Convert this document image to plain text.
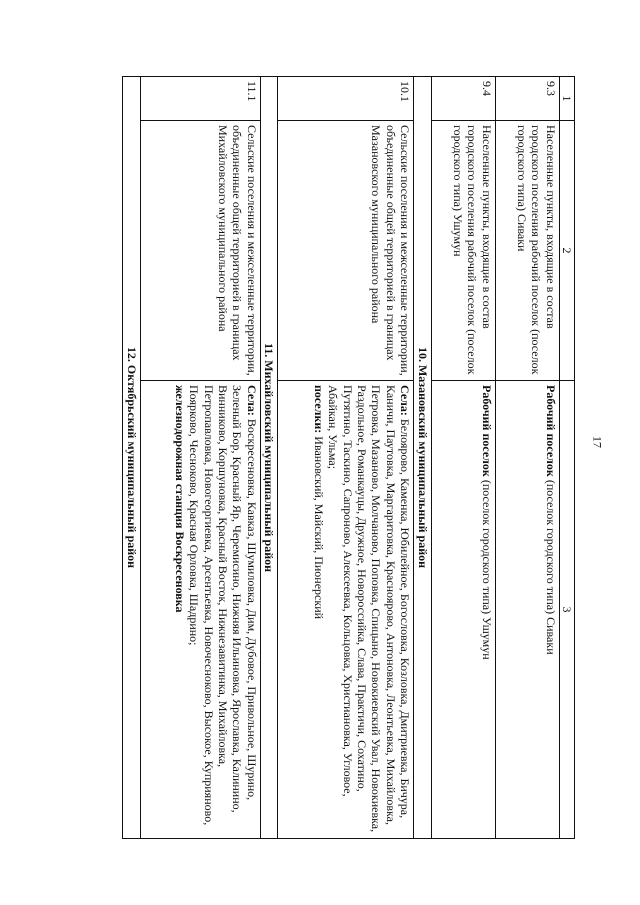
17
1	2	3
9.3	Населенные пункты, входящие в состав городского поселения рабочий поселок (поселок городского типа) Сиваки	Рабочий поселок (поселок городского типа) Сиваки
9.4	Населенные пункты, входящие в состав городского поселения рабочий поселок (поселок городского типа) Ушумун	Рабочий поселок (поселок городского типа) Ушумун
10. Мазановский муниципальный район		
10.1	Сельские поселения и межселенные территории, объединенные общей территорией в границах Мазановского муниципального района	Села: Белоярово, Каменка, Юбилейное, Богословка, Козловка, Дмитриевка, Бичура, Каничи, Паутовка, Маргаритовка, Красноярово, Антоновка, Леонтьевка, Михайловка, Петровка, Мазаново, Молчаново, Поповка, Спицыно, Новокиевский Увал, Новокиевка, Раздольное, Романкауцы, Дружное, Новороссийка, Слава, Практичи, Сохатино, Путятино, Таскино, Сапроново, Алексеевка, Кольцовка, Христиановка, Угловое, Абайкан, Ульма;
поселки: Ивановский, Майский, Пионерский
11. Михайловский муниципальный район		
11.1	Сельские поселения и межселенные территории, объединенные общей территорией в границах Михайловского муниципального района	Села: Воскресеновка, Кавказ, Шумиловка, Дим, Дубовое, Привольное, Шурино, Зеленый Бор, Красный Яр, Черемисино, Нижняя Ильиновка, Ярославка, Калинино, Винниково, Коршуновка, Красный Восток, Нижнезавитинка, Михайловка, Петропавловка, Новогеоргиевка, Арсентьевка, Новочесноково, Высокое, Куприяново, Поярково, Чесноково, Красная Орловка, Шадрино;
железнодорожная станция Воскресеновка
12. Октябрьский муниципальный район		
